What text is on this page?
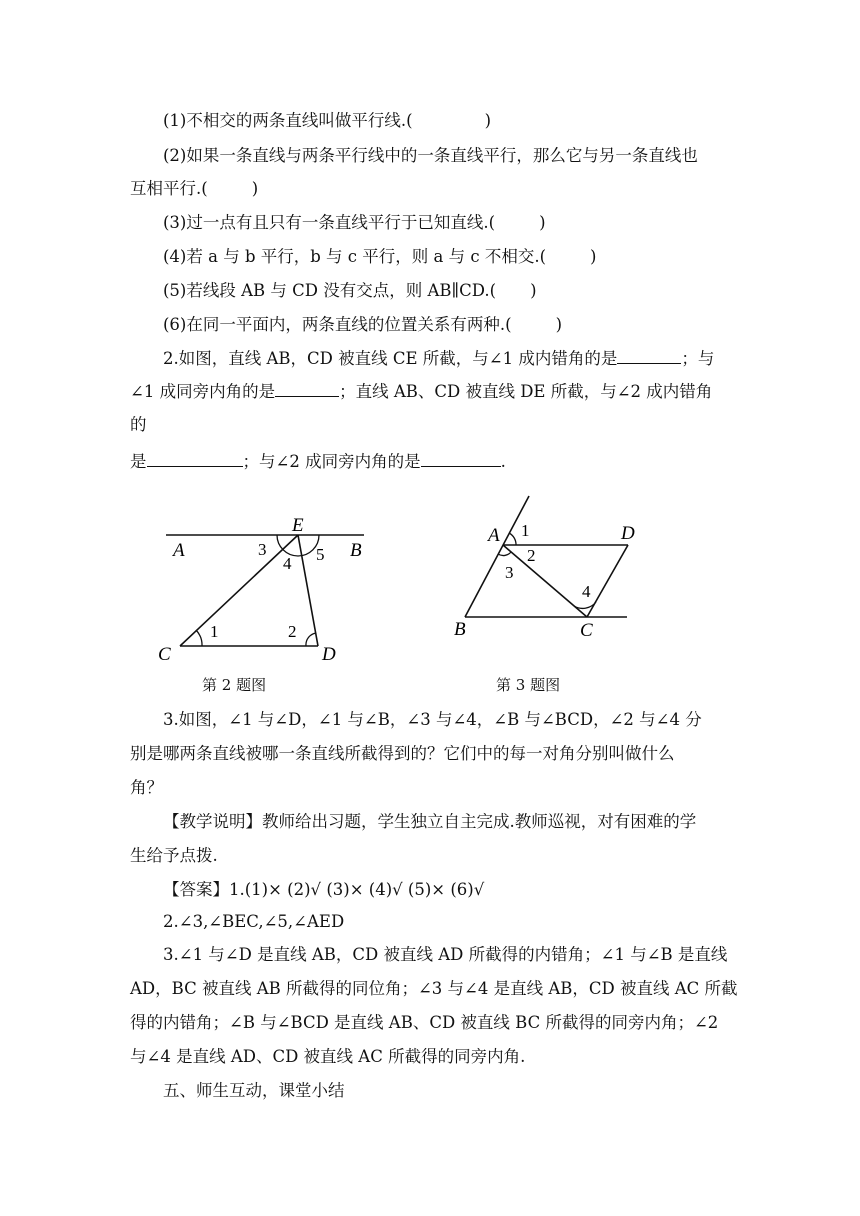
(1)不相交的两条直线叫做平行线.(	)
(2)如果一条直线与两条平行线中的一条直线平行，那么它与另一条直线也
互相平行.(	)
(3)过一点有且只有一条直线平行于已知直线.(	)
(4)若 a 与 b 平行，b 与 c 平行，则 a 与 c 不相交.(	)
(5)若线段 AB 与 CD 没有交点，则 AB∥CD.( )
(6)在同一平面内，两条直线的位置关系有两种.(	)
2.如图，直线 AB，CD 被直线 CE 所截，与∠1 成内错角的是	；与
∠1 成同旁内角的是	；直线 AB、CD 被直线 DE 所截，与∠2 成内错角
的
是	；与∠2 成同旁内角的是	.
A	B
C	D
E
1	2
3
4 5
第 2 题图
A
B	C
D
1
2
3
4
第 3 题图
3.如图，∠1 与∠D，∠1 与∠B，∠3 与∠4，∠B 与∠BCD，∠2 与∠4 分
别是哪两条直线被哪一条直线所截得到的？它们中的每一对角分别叫做什么
角？
【教学说明】教师给出习题，学生独立自主完成.教师巡视，对有困难的学
生给予点拨.
【答案】1.(1)× (2)√ (3)× (4)√ (5)× (6)√
2.∠3,∠BEC,∠5,∠AED
3.∠1 与∠D 是直线 AB，CD 被直线 AD 所截得的内错角；∠1 与∠B 是直线
AD，BC 被直线 AB 所截得的同位角；∠3 与∠4 是直线 AB，CD 被直线 AC 所截
得的内错角；∠B 与∠BCD 是直线 AB、CD 被直线 BC 所截得的同旁内角；∠2
与∠4 是直线 AD、CD 被直线 AC 所截得的同旁内角.
五、师生互动，课堂小结
